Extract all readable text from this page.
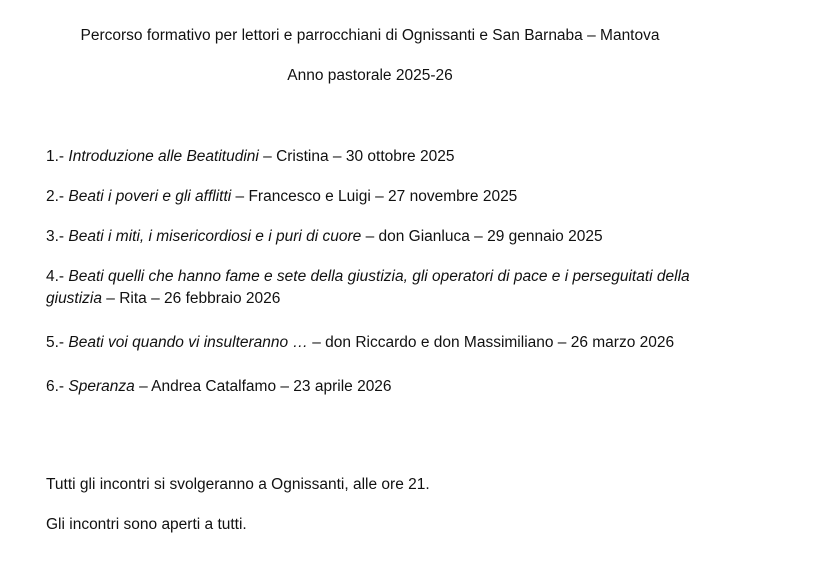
Percorso formativo per lettori e parrocchiani di Ognissanti e San Barnaba – Mantova
Anno pastorale 2025-26
1.- Introduzione alle Beatitudini – Cristina – 30 ottobre 2025
2.- Beati i poveri e gli afflitti – Francesco e Luigi – 27 novembre 2025
3.- Beati i miti, i misericordiosi e i puri di cuore – don Gianluca – 29 gennaio 2025
4.- Beati quelli che hanno fame e sete della giustizia, gli operatori di pace e i perseguitati della giustizia – Rita – 26 febbraio 2026
5.- Beati voi quando vi insulteranno … – don Riccardo e don Massimiliano – 26 marzo 2026
6.- Speranza – Andrea Catalfamo – 23 aprile 2026
Tutti gli incontri si svolgeranno a Ognissanti, alle ore 21.
Gli incontri sono aperti a tutti.
